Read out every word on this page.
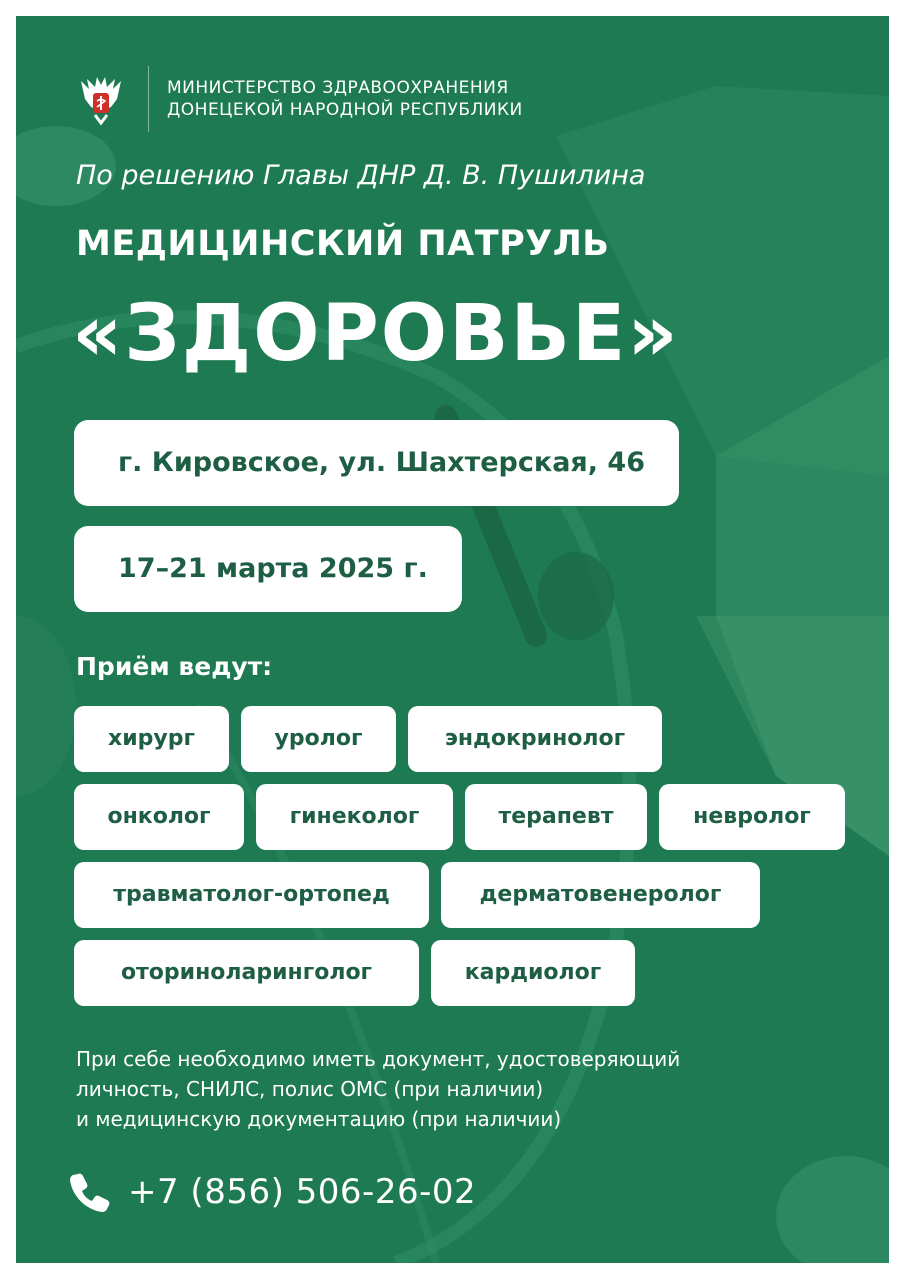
МИНИСТЕРСТВО ЗДРАВООХРАНЕНИЯ
ДОНЕЦЕКОЙ НАРОДНОЙ РЕСПУБЛИКИ
По решению Главы ДНР Д. В. Пушилина
МЕДИЦИНСКИЙ ПАТРУЛЬ
«ЗДОРОВЬЕ»
г. Кировское, ул. Шахтерская, 46
17–21 марта 2025 г.
Приём ведут:
хирург	уролог	эндокринолог
онколог	гинеколог	терапевт	невролог
травматолог-ортопед	дерматовенеролог
оториноларинголог	кардиолог
При себе необходимо иметь документ, удостоверяющий
личность, СНИЛС, полис ОМС (при наличии)
и медицинскую документацию (при наличии)
+7 (856) 506-26-02
